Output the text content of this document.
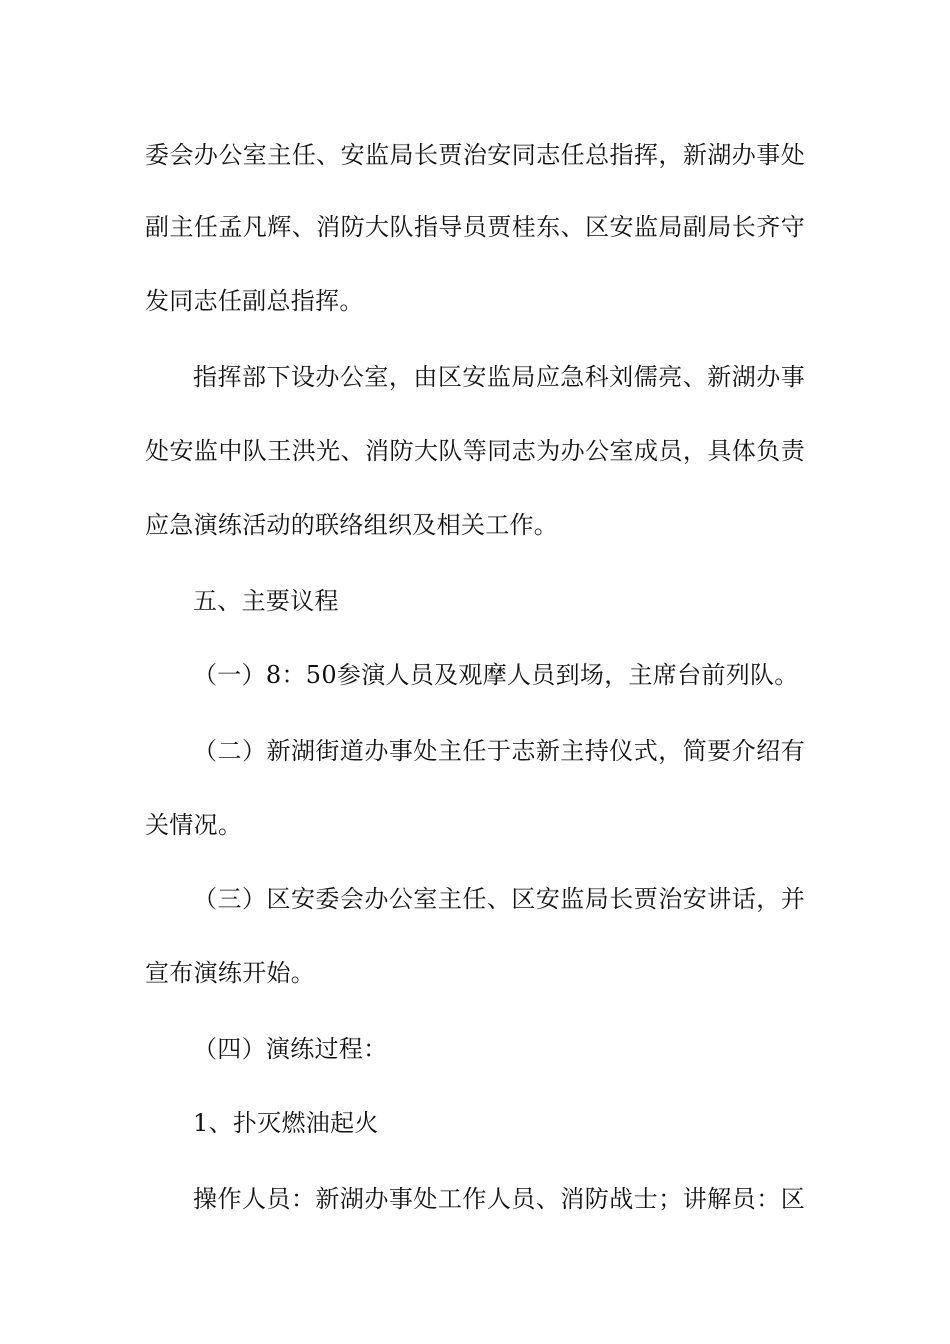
委会办公室主任、安监局长贾治安同志任总指挥，新湖办事处
副主任孟凡辉、消防大队指导员贾桂东、区安监局副局长齐守
发同志任副总指挥。
指挥部下设办公室，由区安监局应急科刘儒亮、新湖办事
处安监中队王洪光、消防大队等同志为办公室成员，具体负责
应急演练活动的联络组织及相关工作。
五、主要议程
（一）8：50参演人员及观摩人员到场，主席台前列队。
（二）新湖街道办事处主任于志新主持仪式，简要介绍有
关情况。
（三）区安委会办公室主任、区安监局长贾治安讲话，并
宣布演练开始。
（四）演练过程：
1、扑灭燃油起火
操作人员：新湖办事处工作人员、消防战士；讲解员：区
